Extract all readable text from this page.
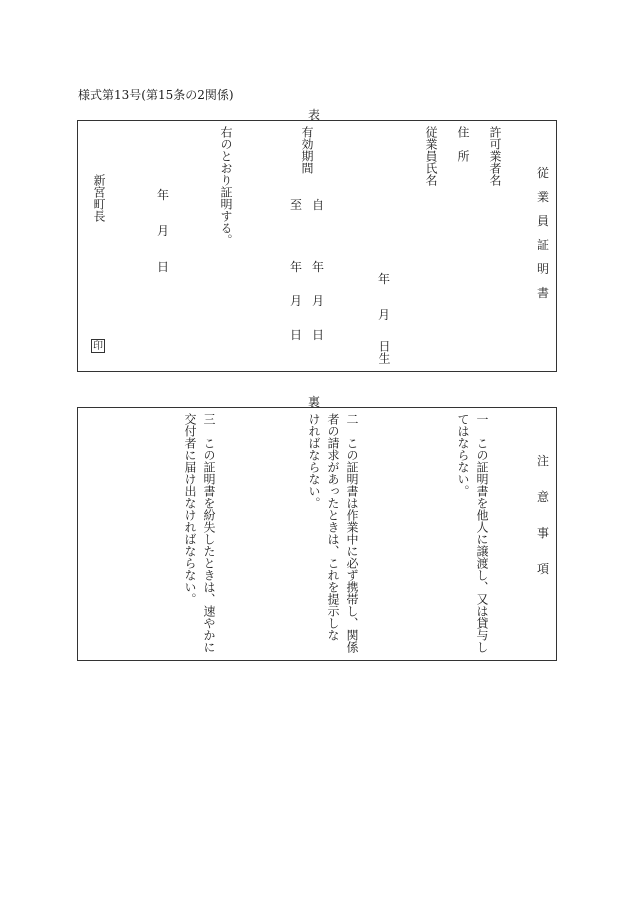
様式第13号(第15条の2関係)
表
従
業
員
証
明
書
許可業者名
住　所
従業員氏名
年
月
日生
有効期間
自
至
年
月
日
年
月
日
右のとおり証明する。
年
月
日
新宮町長
印
裏
注
意
事
項
一　この証明書を他人に譲渡し、又は貸与し
てはならない。
二　この証明書は作業中に必ず携帯し、関係
者の請求があったときは、これを提示しな
ければならない。
三　この証明書を紛失したときは、速やかに
交付者に届け出なければならない。
